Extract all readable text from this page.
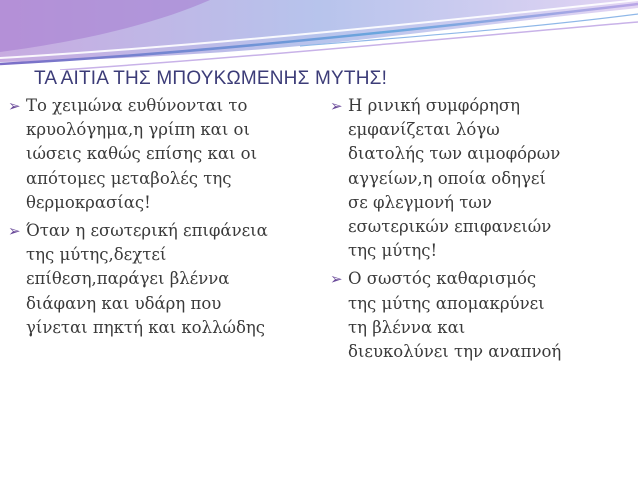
ΤΑ ΑΙΤΙΑ ΤΗΣ ΜΠΟΥΚΩΜΕΝΗΣ ΜΥΤΗΣ!
➢ Το χειμώνα ευθύνονται το
κρυολόγημα,η γρίπη και οι
ιώσεις καθώς επίσης και οι
απότομες μεταβολές της
θερμοκρασίας!
➢ Όταν η εσωτερική επιφάνεια
της μύτης,δεχτεί
επίθεση,παράγει βλέννα
διάφανη και υδάρη που
γίνεται πηκτή και κολλώδης
➢ Η ρινική συμφόρηση
εμφανίζεται λόγω
διατολής των αιμοφόρων
αγγείων,η οποία οδηγεί
σε φλεγμονή των
εσωτερικών επιφανειών
της μύτης!
➢ Ο σωστός καθαρισμός
της μύτης απομακρύνει
τη βλέννα και
διευκολύνει την αναπνοή
